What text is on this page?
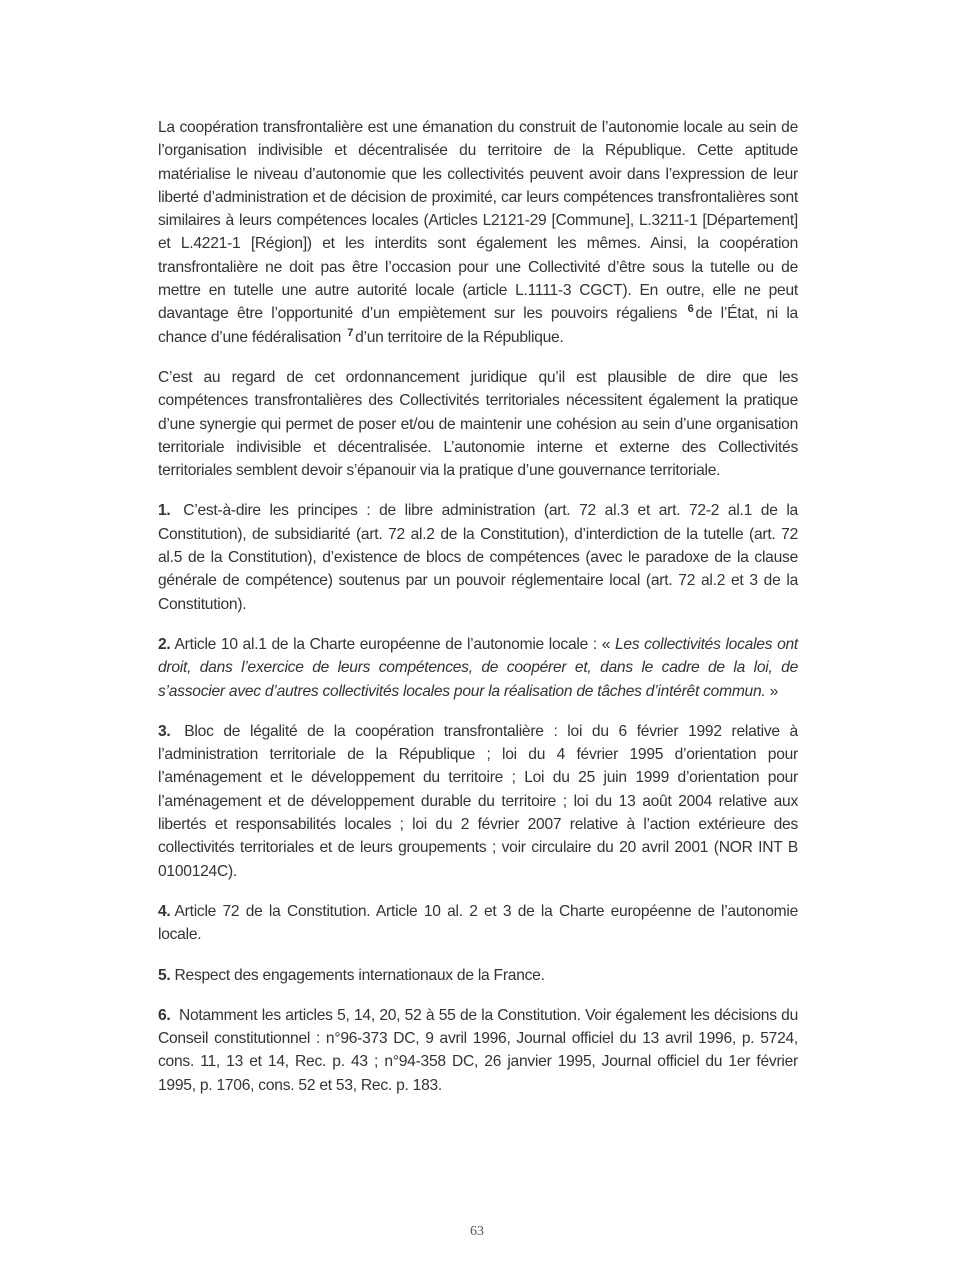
La coopération transfrontalière est une émanation du construit de l’autonomie locale au sein de l’organisation indivisible et décentralisée du territoire de la République. Cette aptitude matérialise le niveau d’autonomie que les collectivités peuvent avoir dans l’expression de leur liberté d’administration et de décision de proximité, car leurs compétences transfrontalières sont similaires à leurs compétences locales (Articles L2121-29 [Commune], L.3211-1 [Département] et L.4221-1 [Région]) et les interdits sont également les mêmes. Ainsi, la coopération transfrontalière ne doit pas être l’occasion pour une Collectivité d’être sous la tutelle ou de mettre en tutelle une autre autorité locale (article L.1111-3 CGCT). En outre, elle ne peut davantage être l’opportunité d’un empiètement sur les pouvoirs régaliens $^6$ de l’État, ni la chance d’une fédéralisation $^7$ d’un territoire de la République.

C’est au regard de cet ordonnancement juridique qu’il est plausible de dire que les compétences transfrontalières des Collectivités territoriales nécessitent également la pratique d’une synergie qui permet de poser et/ou de maintenir une cohésion au sein d’une organisation territoriale indivisible et décentralisée. L’autonomie interne et externe des Collectivités territoriales semblent devoir s’épanouir via la pratique d’une gouvernance territoriale.

1. C’est-à-dire les principes : de libre administration (art. 72 al.3 et art. 72-2 al.1 de la Constitution), de subsidiarité (art. 72 al.2 de la Constitution), d’interdiction de la tutelle (art. 72 al.5 de la Constitution), d’existence de blocs de compétences (avec le paradoxe de la clause générale de compétence) soutenus par un pouvoir réglementaire local (art. 72 al.2 et 3 de la Constitution).

2. Article 10 al.1 de la Charte européenne de l’autonomie locale : « Les collectivités locales ont droit, dans l’exercice de leurs compétences, de coopérer et, dans le cadre de la loi, de s’associer avec d’autres collectivités locales pour la réalisation de tâches d’intérêt commun. »

3. Bloc de légalité de la coopération transfrontalière : loi du 6 février 1992 relative à l’administration territoriale de la République ; loi du 4 février 1995 d’orientation pour l’aménagement et le développement du territoire ; Loi du 25 juin 1999 d’orientation pour l’aménagement et de développement durable du territoire ; loi du 13 août 2004 relative aux libertés et responsabilités locales ; loi du 2 février 2007 relative à l’action extérieure des collectivités territoriales et de leurs groupements ; voir circulaire du 20 avril 2001 (NOR INT B 0100124C).

4. Article 72 de la Constitution. Article 10 al. 2 et 3 de la Charte européenne de l’autonomie locale.

5. Respect des engagements internationaux de la France.

6. Notamment les articles 5, 14, 20, 52 à 55 de la Constitution. Voir également les décisions du Conseil constitutionnel : n°96-373 DC, 9 avril 1996, Journal officiel du 13 avril 1996, p. 5724, cons. 11, 13 et 14, Rec. p. 43 ; n°94-358 DC, 26 janvier 1995, Journal officiel du 1er février 1995, p. 1706, cons. 52 et 53, Rec. p. 183.

63
